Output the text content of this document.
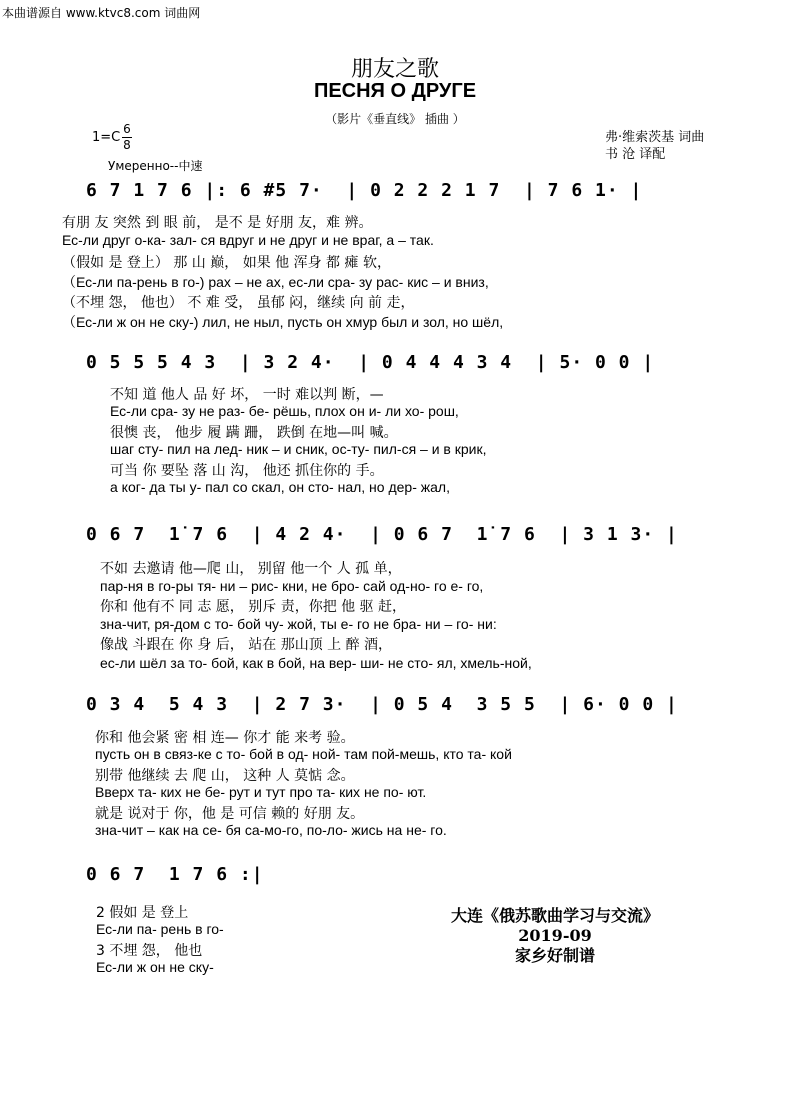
本曲谱源自 www.ktvc8.com 词曲网
朋友之歌
ПЕСНЯ О ДРУГЕ
（影片《垂直线》 插曲 ）
1=C
6
8
Умеренно--中速
弗·维索茨基 词曲
书 沧 译配
6 7 1 7 6 |: 6 #5 7·  | 0 2 2 2 1 7  | 7 6 1· |
有朋 友 突然 到 眼 前， 是不 是 好朋 友，难 辨。
Ес-ли друг о-ка- зал- ся вдруг и не друг и не враг, а – так.
（假如 是 登上） 那 山 巅， 如果 他 浑身 都 瘫 软，
（Ес-ли па-рень в го-) рах – не ах, ес-ли сра- зу рас- кис – и вниз,
（不埋 怨， 他也） 不 难 受， 虽郁 闷，继续 向 前 走，
（Ес-ли ж он не ску-) лил, не ныл, пусть он хмур был и зол, но шёл,
0 5 5 5 4 3  | 3 2 4·  | 0 4 4 4 3 4  | 5· 0 0 |
不知 道 他人 品 好 坏， 一时 难以判 断，—
Ес-ли сра- зу не раз- бе- рёшь, плох он и- ли хо- рош,
很懊 丧， 他步 履 蹒 跚， 跌倒 在地—叫 喊。
шаг сту- пил на лед- ник – и сник, ос-ту- пил-ся – и в крик,
可当 你 要坠 落 山 沟， 他还 抓住你的 手。
а ког- да ты у- пал со скал, он сто- нал, но дер- жал,
0 6 7  1̇ 7 6  | 4 2 4·  | 0 6 7  1̇ 7 6  | 3 1 3· |
不如 去邀请 他—爬 山， 别留 他一个 人 孤 单，
пар-ня в го-ры тя- ни – рис- кни, не бро- сай од-но- го е- го,
你和 他有不 同 志 愿， 别斥 责，你把 他 驱 赶，
зна-чит, ря-дом с то- бой чу- жой, ты е- го не бра- ни – го- ни:
像战 斗跟在 你 身 后， 站在 那山顶 上 醉 酒，
ес-ли шёл за то- бой, как в бой, на вер- ши- не сто- ял, хмель-ной,
0 3 4  5 4 3  | 2 7 3·  | 0 5 4  3 5 5  | 6· 0 0 |
你和 他会紧 密 相 连— 你才 能 来考 验。
пусть он в связ-ке с то- бой в од- ной- там пой-мешь, кто та- кой
别带 他继续 去 爬 山， 这种 人 莫惦 念。
Вверх та- ких не бе- рут и тут про та- ких не по- ют.
就是 说对于 你，他 是 可信 赖的 好朋 友。
зна-чит – как на се- бя са-мо-го, по-ло- жись на не- го.
0 6 7  1 7 6 :|
2 假如 是 登上
Ес-ли па- рень в го-
3 不埋 怨， 他也
Ес-ли ж он не ску-
大连《俄苏歌曲学习与交流》
2019-09
家乡好制谱
